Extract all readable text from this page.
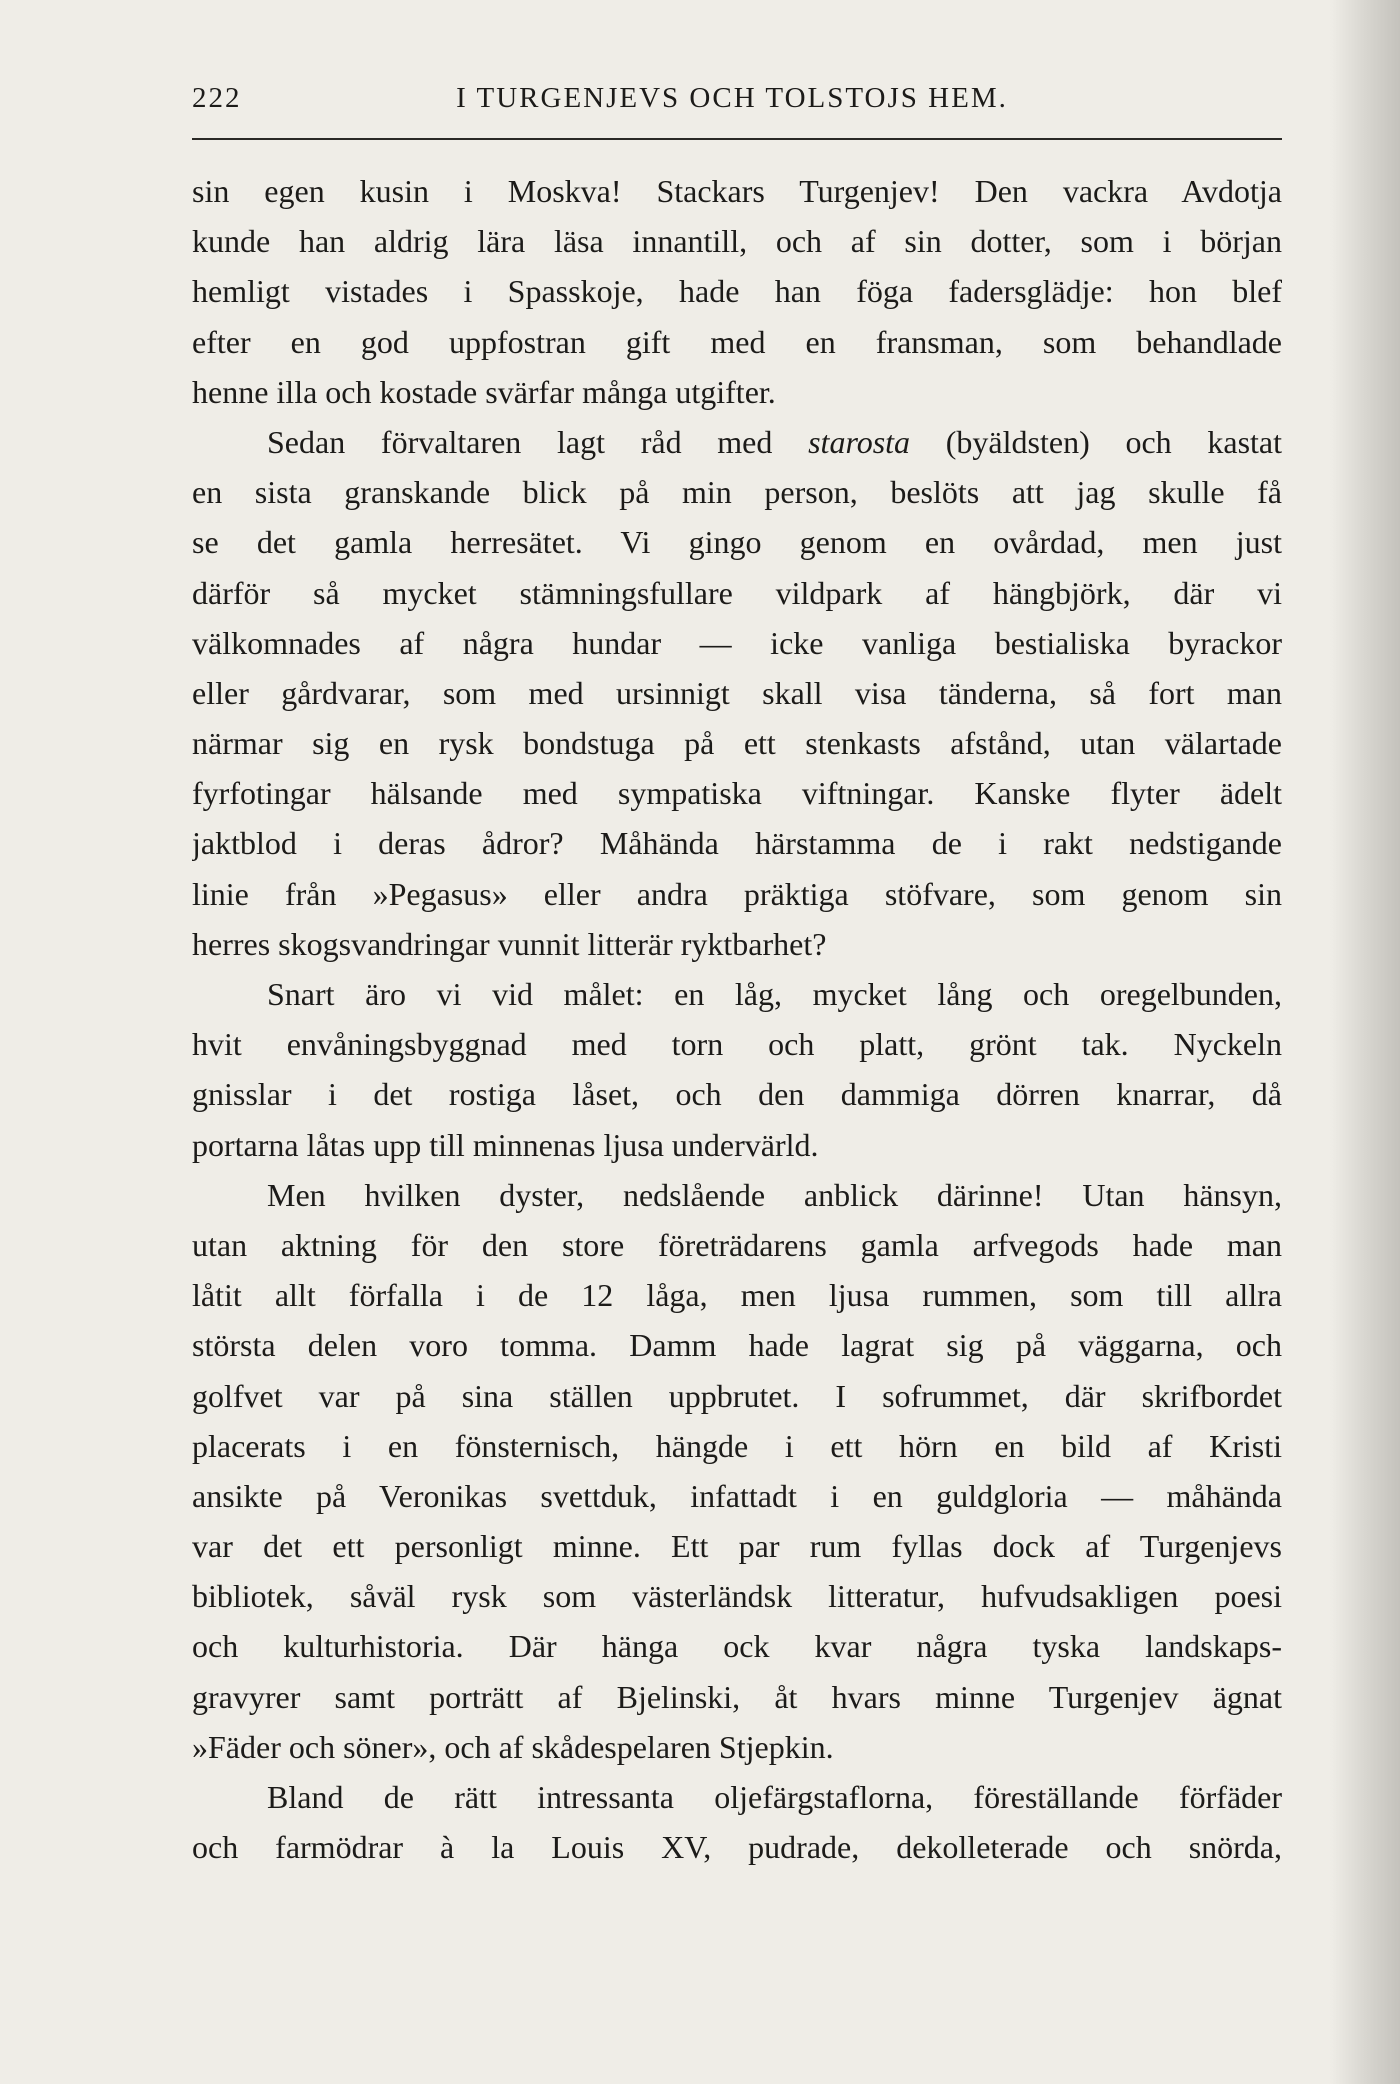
222	I TURGENJEVS OCH TOLSTOJS HEM.
sin egen kusin i Moskva! Stackars Turgenjev! Den vackra Avdotja
kunde han aldrig lära läsa innantill, och af sin dotter, som i början
hemligt vistades i Spasskoje, hade han föga fadersglädje: hon blef
efter en god uppfostran gift med en fransman, som behandlade
henne illa och kostade svärfar många utgifter.
Sedan förvaltaren lagt råd med starosta (byäldsten) och kastat
en sista granskande blick på min person, beslöts att jag skulle få
se det gamla herresätet. Vi gingo genom en ovårdad, men just
därför så mycket stämningsfullare vildpark af hängbjörk, där vi
välkomnades af några hundar — icke vanliga bestialiska byrackor
eller gårdvarar, som med ursinnigt skall visa tänderna, så fort man
närmar sig en rysk bondstuga på ett stenkasts afstånd, utan välartade
fyrfotingar hälsande med sympatiska viftningar. Kanske flyter ädelt
jaktblod i deras ådror? Måhända härstamma de i rakt nedstigande
linie från »Pegasus» eller andra präktiga stöfvare, som genom sin
herres skogsvandringar vunnit litterär ryktbarhet?
Snart äro vi vid målet: en låg, mycket lång och oregelbunden,
hvit envåningsbyggnad med torn och platt, grönt tak. Nyckeln
gnisslar i det rostiga låset, och den dammiga dörren knarrar, då
portarna låtas upp till minnenas ljusa undervärld.
Men hvilken dyster, nedslående anblick därinne! Utan hänsyn,
utan aktning för den store företrädarens gamla arfvegods hade man
låtit allt förfalla i de 12 låga, men ljusa rummen, som till allra
största delen voro tomma. Damm hade lagrat sig på väggarna, och
golfvet var på sina ställen uppbrutet. I sofrummet, där skrifbordet
placerats i en fönsternisch, hängde i ett hörn en bild af Kristi
ansikte på Veronikas svettduk, infattadt i en guldgloria — måhända
var det ett personligt minne. Ett par rum fyllas dock af Turgenjevs
bibliotek, såväl rysk som västerländsk litteratur, hufvudsakligen poesi
och kulturhistoria. Där hänga ock kvar några tyska landskaps-
gravyrer samt porträtt af Bjelinski, åt hvars minne Turgenjev ägnat
»Fäder och söner», och af skådespelaren Stjepkin.
Bland de rätt intressanta oljefärgstaflorna, föreställande förfäder
och farmödrar à la Louis XV, pudrade, dekolleterade och snörda,
